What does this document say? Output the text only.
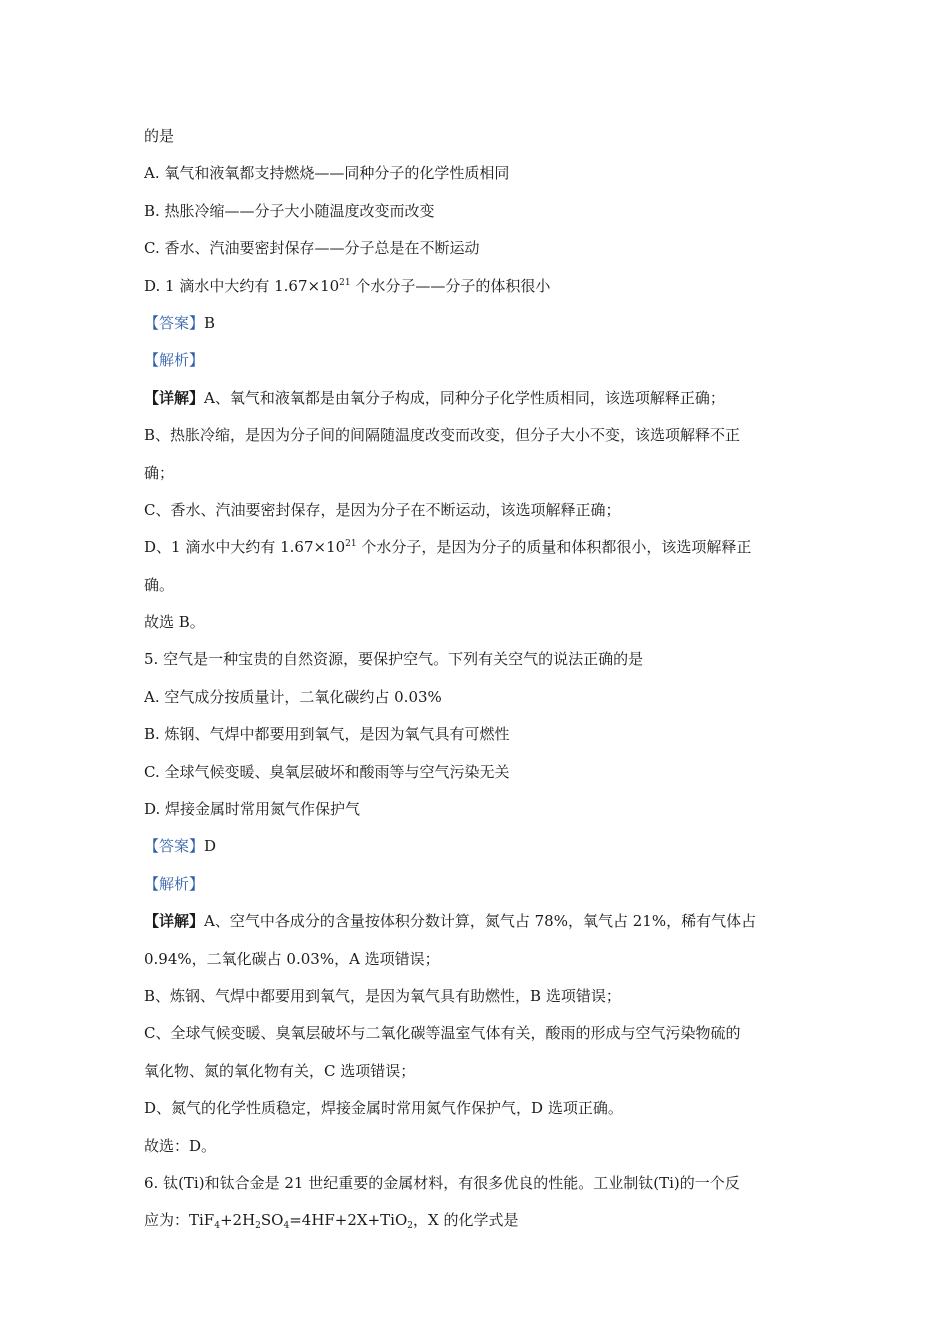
的是
A. 氧气和液氧都支持燃烧——同种分子的化学性质相同
B. 热胀冷缩——分子大小随温度改变而改变
C. 香水、汽油要密封保存——分子总是在不断运动
D. 1 滴水中大约有 $1.67\times 10^{21}$ 个水分子——分子的体积很小
【答案】B
【解析】
【详解】A、氧气和液氧都是由氧分子构成，同种分子化学性质相同，该选项解释正确；
B、热胀冷缩，是因为分子间的间隔随温度改变而改变，但分子大小不变，该选项解释不正
确；
C、香水、汽油要密封保存，是因为分子在不断运动，该选项解释正确；
D、1 滴水中大约有 $1.67\times 10^{21}$ 个水分子，是因为分子的质量和体积都很小，该选项解释正
确。
故选 B。
5. 空气是一种宝贵的自然资源，要保护空气。下列有关空气的说法正确的是
A. 空气成分按质量计，二氧化碳约占 0.03%
B. 炼钢、气焊中都要用到氧气，是因为氧气具有可燃性
C. 全球气候变暖、臭氧层破坏和酸雨等与空气污染无关
D. 焊接金属时常用氮气作保护气
【答案】D
【解析】
【详解】A、空气中各成分的含量按体积分数计算，氮气占 78%，氧气占 21%，稀有气体占
0.94%，二氧化碳占 0.03%，A 选项错误；
B、炼钢、气焊中都要用到氧气，是因为氧气具有助燃性，B 选项错误；
C、全球气候变暖、臭氧层破坏与二氧化碳等温室气体有关，酸雨的形成与空气污染物硫的
氧化物、氮的氧化物有关，C 选项错误；
D、氮气的化学性质稳定，焊接金属时常用氮气作保护气，D 选项正确。
故选：D。
6. 钛(Ti)和钛合金是 21 世纪重要的金属材料，有很多优良的性能。工业制钛(Ti)的一个反
应为：$TiF_4+2H_2SO_4=4HF+2X+TiO_2$，X 的化学式是
